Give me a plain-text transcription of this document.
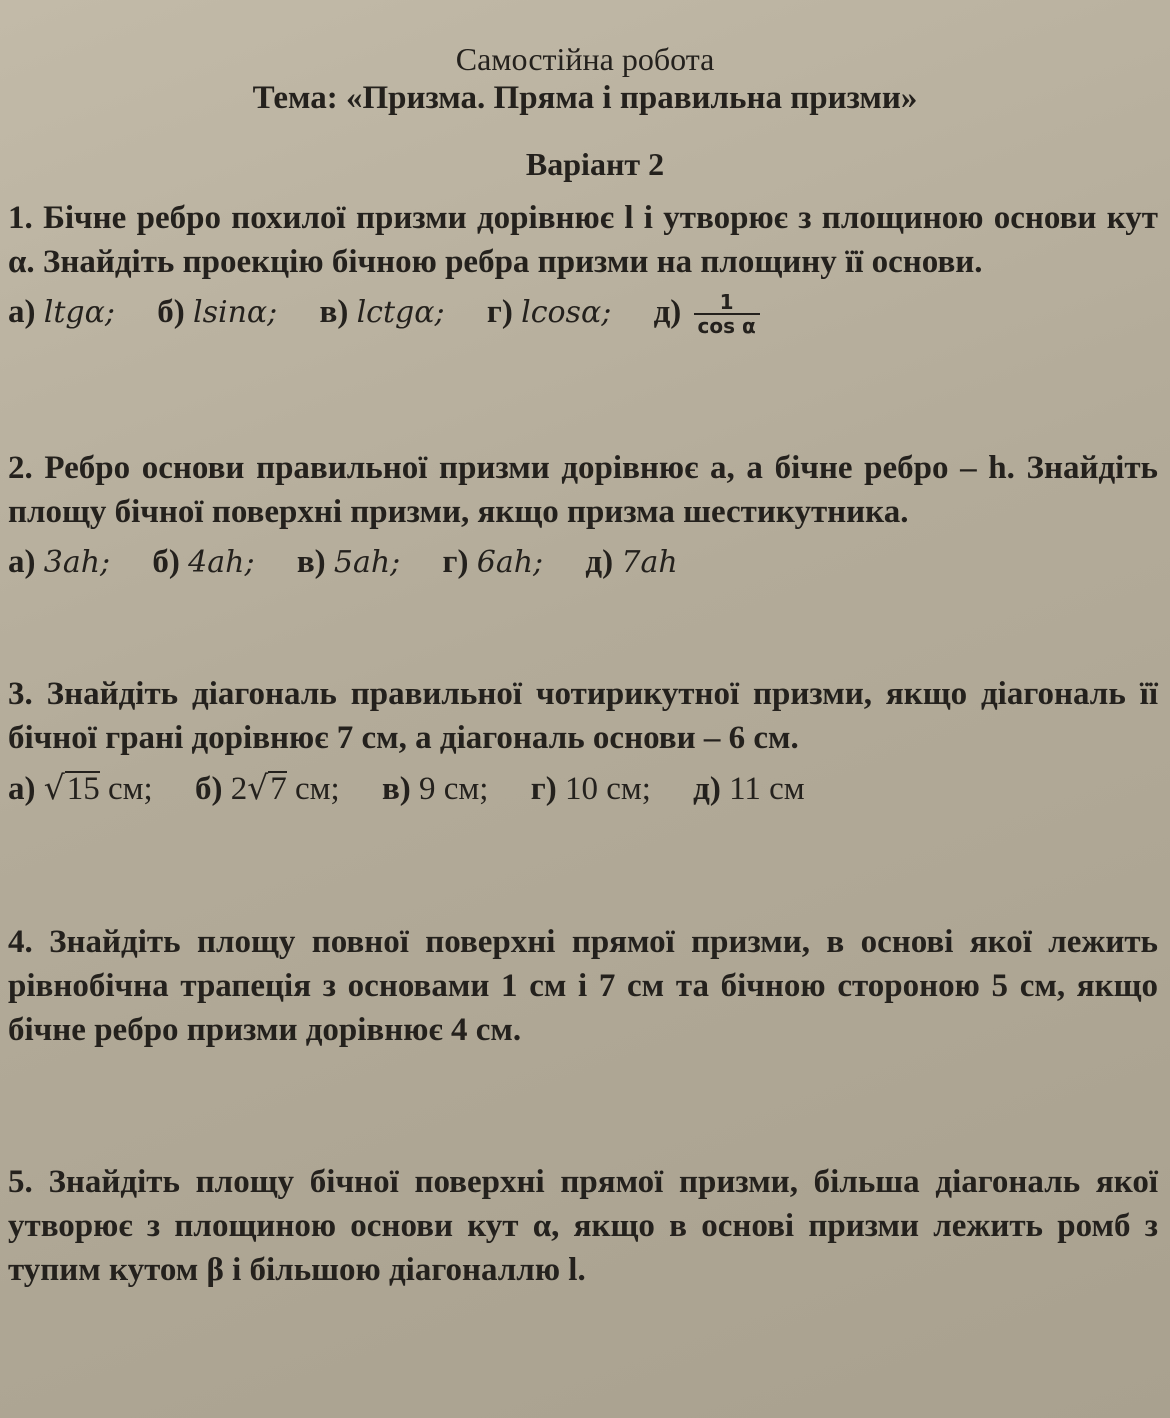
Самостійна робота
Тема: «Призма. Пряма і правильна призми»
Варіант 2
1. Бічне ребро похилої призми дорівнює l і утворює з площиною основи кут α. Знайдіть проекцію бічною ребра призми на площину її основи.
а) ltgα; б) lsinα; в) lctgα; г) lcosα; $д) \frac{1}{\text{cos α}}$
2. Ребро основи правильної призми дорівнює a, а бічне ребро – h. Знайдіть площу бічної поверхні призми, якщо призма шестикутника.
а) 3ah; б) 4ah; в) 5ah; г) 6ah; д) 7ah
3. Знайдіть діагональ правильної чотирикутної призми, якщо діагональ її бічної грані дорівнює 7 см, а діагональ основи – 6 см.
а) √15 см; б) 2√7 см; в) 9 см; г) 10 см; д) 11 см
4. Знайдіть площу повної поверхні прямої призми, в основі якої лежить рівнобічна трапеція з основами 1 см і 7 см та бічною стороною 5 см, якщо бічне ребро призми дорівнює 4 см.
5. Знайдіть площу бічної поверхні прямої призми, більша діагональ якої утворює з площиною основи кут α, якщо в основі призми лежить ромб з тупим кутом β і більшою діагоналлю l.
